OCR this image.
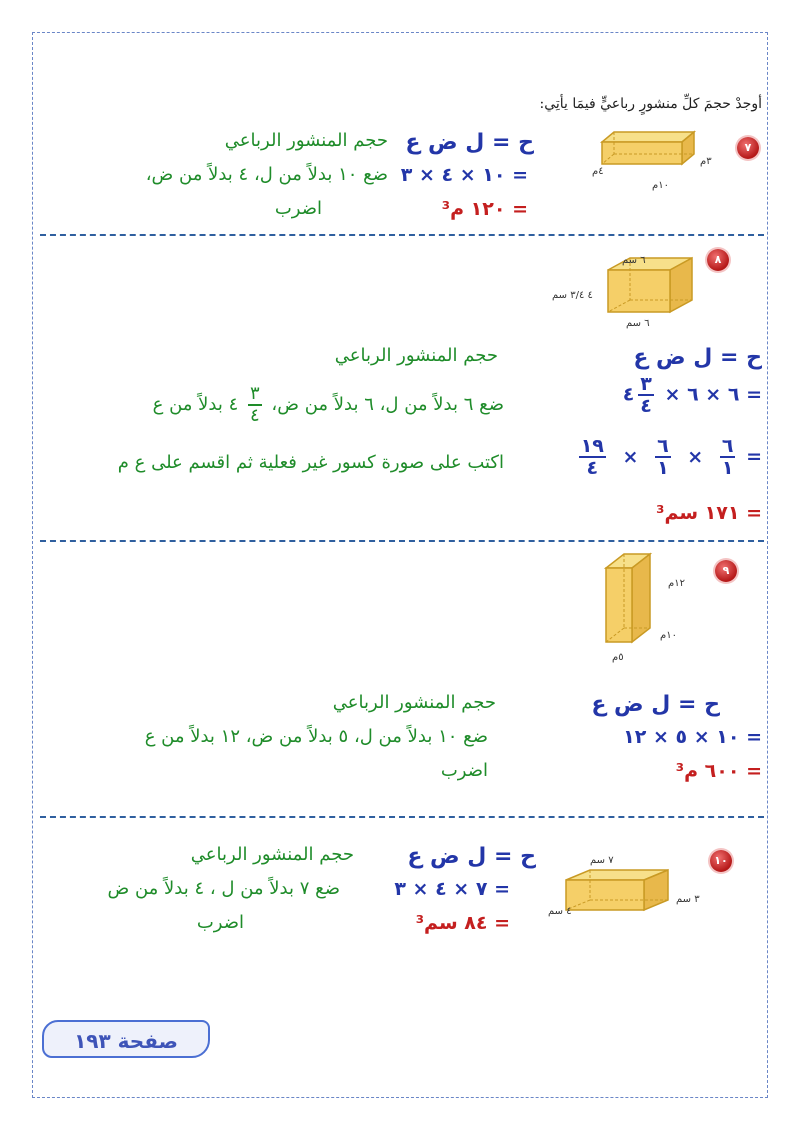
أوجدْ حجمَ كلِّ منشورٍ رباعيٍّ فيمَا يأتِي:
٧
٣م
٤م
١٠م
ح = ل ض ع
= ١٠ × ٤ × ٣
= ١٢٠ م³
حجم المنشور الرباعي
ضع ١٠ بدلاً من ل، ٤ بدلاً من ض،
اضرب
٨
٦ سم
٤ ٣/٤ سم
٦ سم
ح = ل ض ع
= ٦ × ٦ ×
$\frac{٣}{٤}$
٤
=
$\frac{٦}{١}$
×
$\frac{٦}{١}$
×
$\frac{١٩}{٤}$
= ١٧١ سم³
حجم المنشور الرباعي
ضع ٦ بدلاً من ل، ٦ بدلاً من ض،
$\frac{٣}{٤}$
٤ بدلاً من ع
اكتب على صورة كسور غير فعلية ثم اقسم على ع م
٩
١٢م
١٠م
٥م
ح = ل ض ع
= ١٠ × ٥ × ١٢
= ٦٠٠ م³
حجم المنشور الرباعي
ضع ١٠ بدلاً من ل، ٥ بدلاً من ض، ١٢ بدلاً من ع
اضرب
١٠
٧ سم
٣ سم
٤ سم
ح = ل ض ع
= ٧ × ٤ × ٣
= ٨٤ سم³
حجم المنشور الرباعي
ضع ٧ بدلاً من ل ، ٤ بدلاً من ض
اضرب
صفحة ١٩٣
